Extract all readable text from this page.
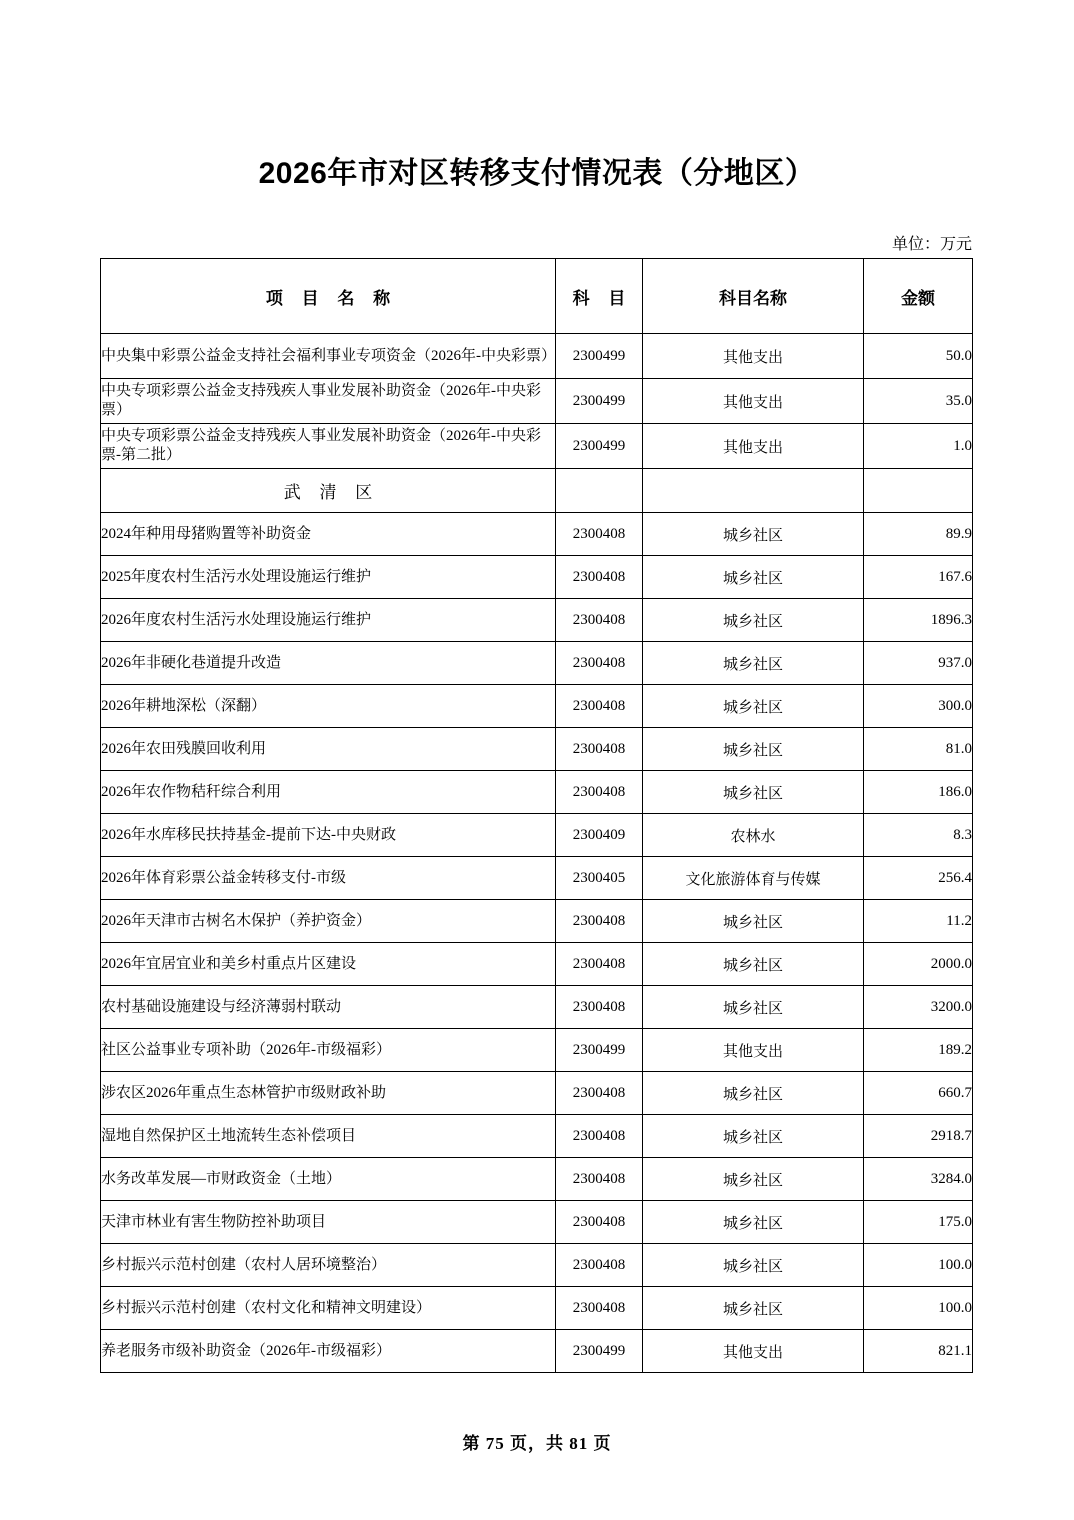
2026年市对区转移支付情况表（分地区）
单位：万元
项 目 名 称	科 目	科目名称	金额
中央集中彩票公益金支持社会福利事业专项资金（2026年-中央彩票）	2300499	其他支出	50.0
中央专项彩票公益金支持残疾人事业发展补助资金（2026年-中央彩票）	2300499	其他支出	35.0
中央专项彩票公益金支持残疾人事业发展补助资金（2026年-中央彩票-第二批）	2300499	其他支出	1.0
武 清 区			
2024年种用母猪购置等补助资金	2300408	城乡社区	89.9
2025年度农村生活污水处理设施运行维护	2300408	城乡社区	167.6
2026年度农村生活污水处理设施运行维护	2300408	城乡社区	1896.3
2026年非硬化巷道提升改造	2300408	城乡社区	937.0
2026年耕地深松（深翻）	2300408	城乡社区	300.0
2026年农田残膜回收利用	2300408	城乡社区	81.0
2026年农作物秸秆综合利用	2300408	城乡社区	186.0
2026年水库移民扶持基金-提前下达-中央财政	2300409	农林水	8.3
2026年体育彩票公益金转移支付-市级	2300405	文化旅游体育与传媒	256.4
2026年天津市古树名木保护（养护资金）	2300408	城乡社区	11.2
2026年宜居宜业和美乡村重点片区建设	2300408	城乡社区	2000.0
农村基础设施建设与经济薄弱村联动	2300408	城乡社区	3200.0
社区公益事业专项补助（2026年-市级福彩）	2300499	其他支出	189.2
涉农区2026年重点生态林管护市级财政补助	2300408	城乡社区	660.7
湿地自然保护区土地流转生态补偿项目	2300408	城乡社区	2918.7
水务改革发展—市财政资金（土地）	2300408	城乡社区	3284.0
天津市林业有害生物防控补助项目	2300408	城乡社区	175.0
乡村振兴示范村创建（农村人居环境整治）	2300408	城乡社区	100.0
乡村振兴示范村创建（农村文化和精神文明建设）	2300408	城乡社区	100.0
养老服务市级补助资金（2026年-市级福彩）	2300499	其他支出	821.1
第 75 页，共 81 页
